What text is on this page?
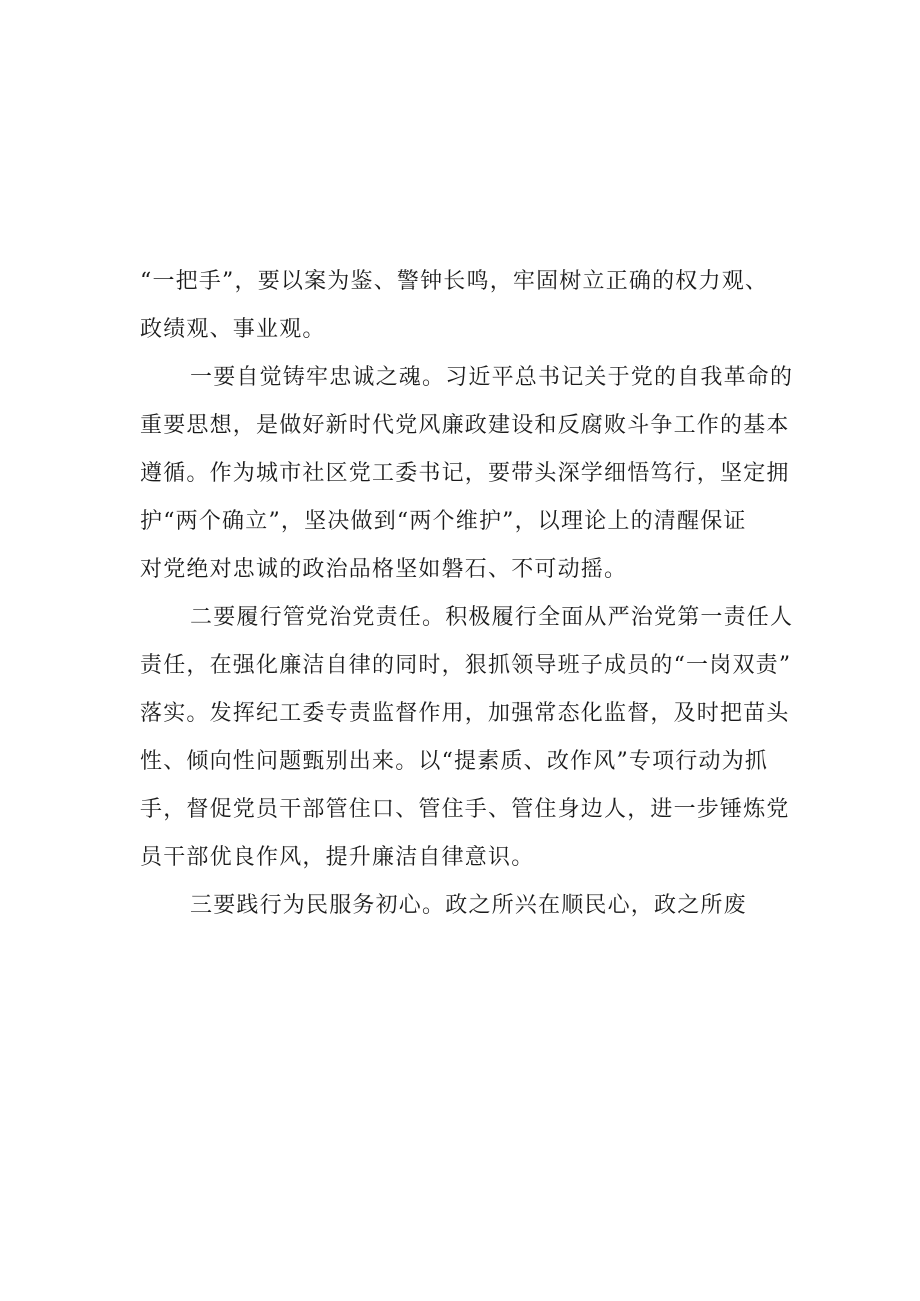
“一把手”，要以案为鉴、警钟长鸣，牢固树立正确的权力观、
政绩观、事业观。
一要自觉铸牢忠诚之魂。习近平总书记关于党的自我革命的
重要思想，是做好新时代党风廉政建设和反腐败斗争工作的基本
遵循。作为城市社区党工委书记，要带头深学细悟笃行，坚定拥
护“两个确立”，坚决做到“两个维护”，以理论上的清醒保证
对党绝对忠诚的政治品格坚如磐石、不可动摇。
二要履行管党治党责任。积极履行全面从严治党第一责任人
责任，在强化廉洁自律的同时，狠抓领导班子成员的“一岗双责”
落实。发挥纪工委专责监督作用，加强常态化监督，及时把苗头
性、倾向性问题甄别出来。以“提素质、改作风”专项行动为抓
手，督促党员干部管住口、管住手、管住身边人，进一步锤炼党
员干部优良作风，提升廉洁自律意识。
三要践行为民服务初心。政之所兴在顺民心，政之所废
